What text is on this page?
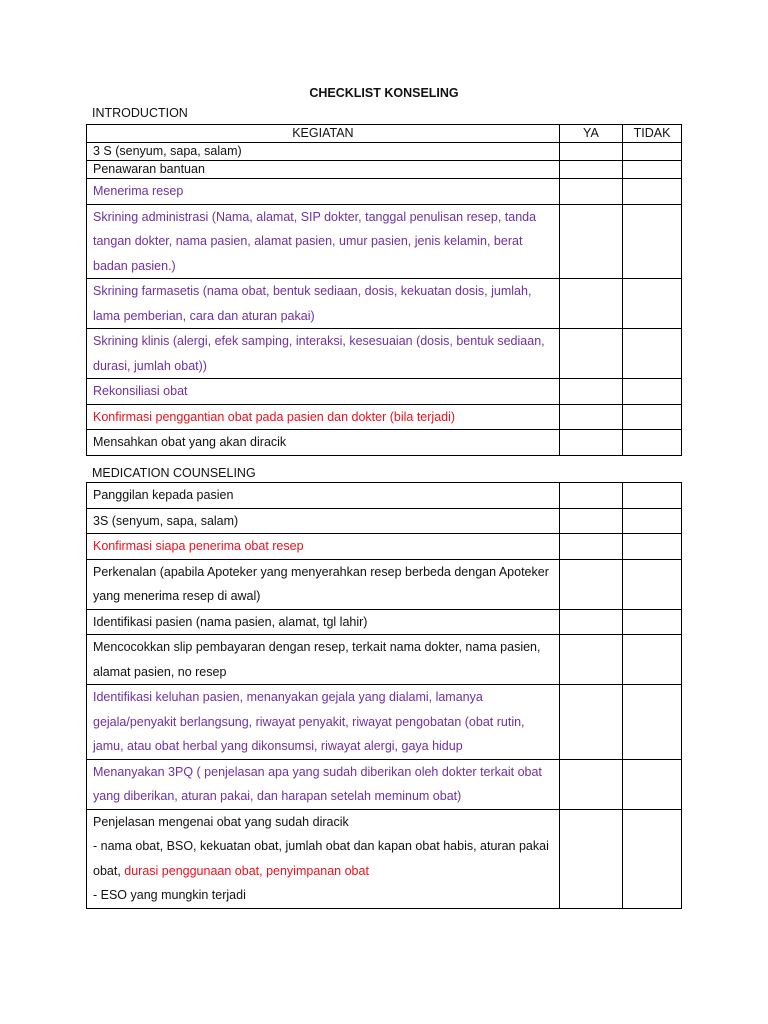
CHECKLIST KONSELING
INTRODUCTION
KEGIATAN	YA	TIDAK
3 S (senyum, sapa, salam)		
Penawaran bantuan		
Menerima resep		
Skrining administrasi (Nama, alamat, SIP dokter, tanggal penulisan resep, tanda tangan dokter, nama pasien, alamat pasien, umur pasien, jenis kelamin, berat badan pasien.)		
Skrining farmasetis (nama obat, bentuk sediaan, dosis, kekuatan dosis, jumlah, lama pemberian, cara dan aturan pakai)		
Skrining klinis (alergi, efek samping, interaksi, kesesuaian (dosis, bentuk sediaan, durasi, jumlah obat))		
Rekonsiliasi obat		
Konfirmasi penggantian obat pada pasien dan dokter (bila terjadi)		
Mensahkan obat yang akan diracik		
MEDICATION COUNSELING
Panggilan kepada pasien		
3S (senyum, sapa, salam)		
Konfirmasi siapa penerima obat resep		
Perkenalan (apabila Apoteker yang menyerahkan resep berbeda dengan Apoteker yang menerima resep di awal)		
Identifikasi pasien (nama pasien, alamat, tgl lahir)		
Mencocokkan slip pembayaran dengan resep, terkait nama dokter, nama pasien, alamat pasien, no resep		
Identifikasi keluhan pasien, menanyakan gejala yang dialami, lamanya gejala/penyakit berlangsung, riwayat penyakit, riwayat pengobatan (obat rutin, jamu, atau obat herbal yang dikonsumsi, riwayat alergi, gaya hidup		
Menanyakan 3PQ ( penjelasan apa yang sudah diberikan oleh dokter terkait obat yang diberikan, aturan pakai, dan harapan setelah meminum obat)		

Penjelasan mengenai obat yang sudah diracik
- nama obat, BSO, kekuatan obat, jumlah obat dan kapan obat habis, aturan pakai obat, durasi penggunaan obat, penyimpanan obat
- ESO yang mungkin terjadi		
